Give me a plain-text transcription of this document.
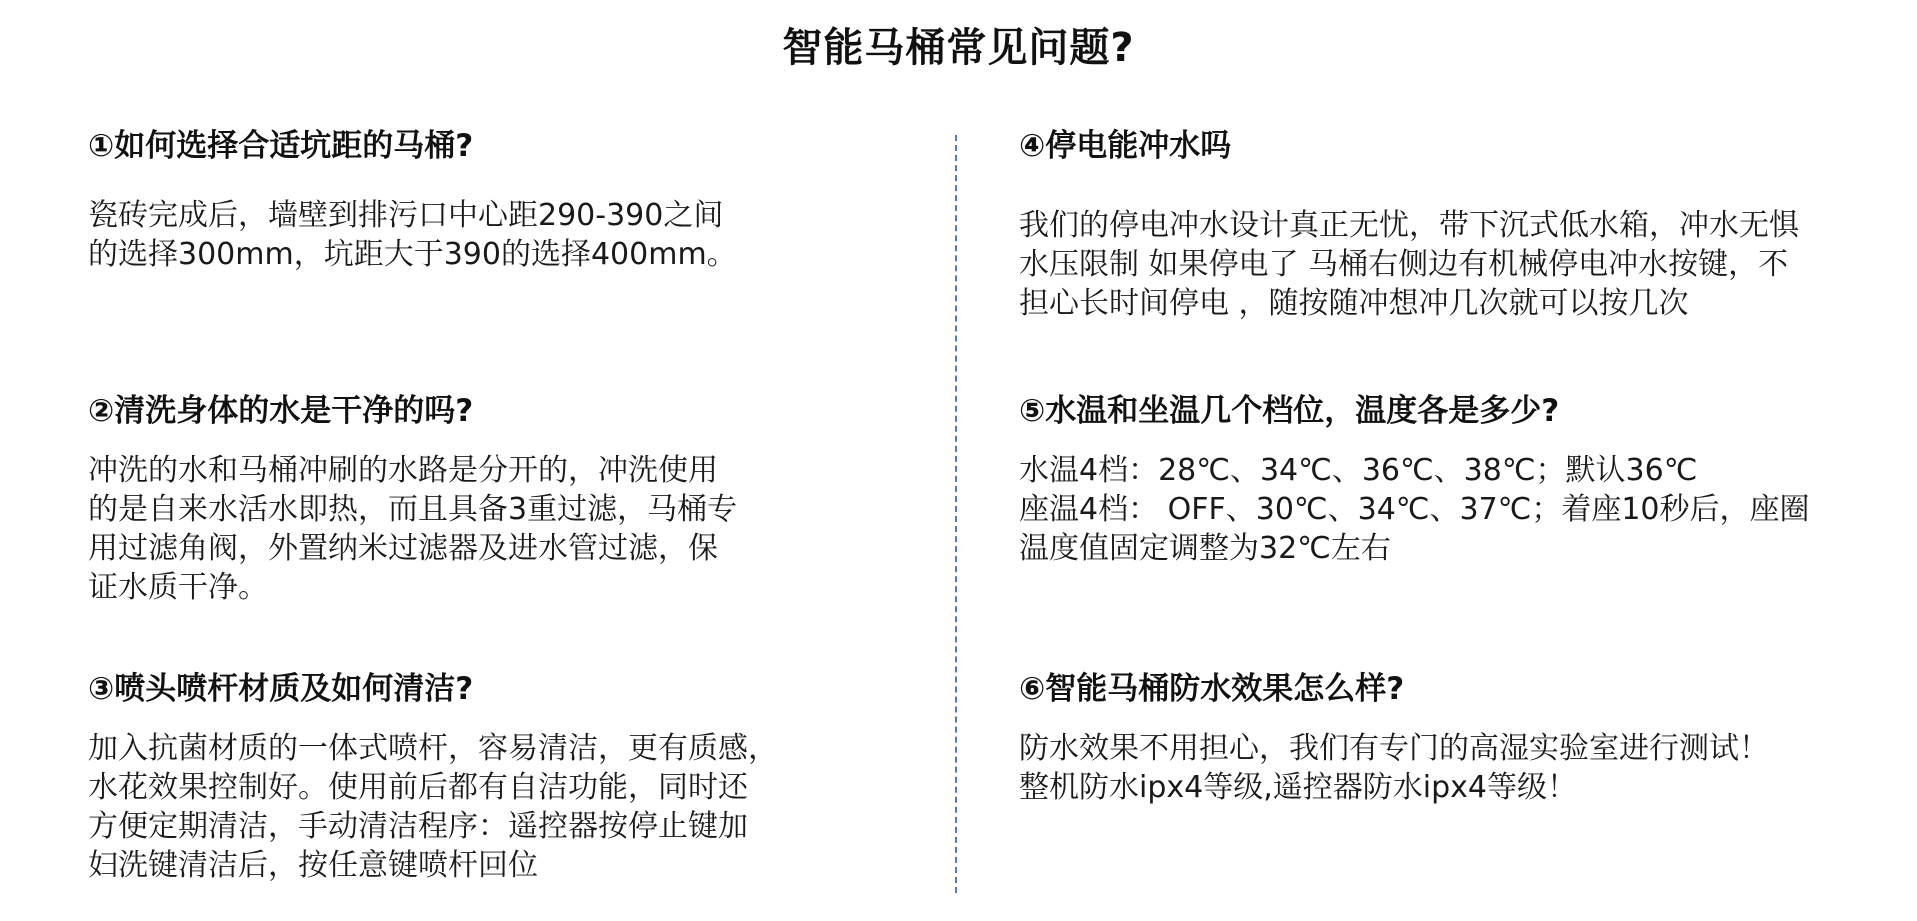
智能马桶常见问题?
①如何选择合适坑距的马桶?
瓷砖完成后，墙壁到排污口中心距290-390之间
的选择300mm，坑距大于390的选择400mm。
②清洗身体的水是干净的吗?
冲洗的水和马桶冲刷的水路是分开的，冲洗使用
的是自来水活水即热，而且具备3重过滤，马桶专
用过滤角阀，外置纳米过滤器及进水管过滤，保
证水质干净。
③喷头喷杆材质及如何清洁?
加入抗菌材质的一体式喷杆，容易清洁，更有质感，
水花效果控制好。使用前后都有自洁功能，同时还
方便定期清洁，手动清洁程序：遥控器按停止键加
妇洗键清洁后，按任意键喷杆回位
④停电能冲水吗
我们的停电冲水设计真正无忧，带下沉式低水箱，冲水无惧
水压限制 如果停电了 马桶右侧边有机械停电冲水按键，不
担心长时间停电 ，随按随冲想冲几次就可以按几次
⑤水温和坐温几个档位，温度各是多少?
水温4档：28℃、34℃、36℃、38℃；默认36℃
座温4档： OFF、30℃、34℃、37℃；着座10秒后，座圈
温度值固定调整为32℃左右
⑥智能马桶防水效果怎么样?
防水效果不用担心，我们有专门的高湿实验室进行测试！
整机防水ipx4等级,遥控器防水ipx4等级！
